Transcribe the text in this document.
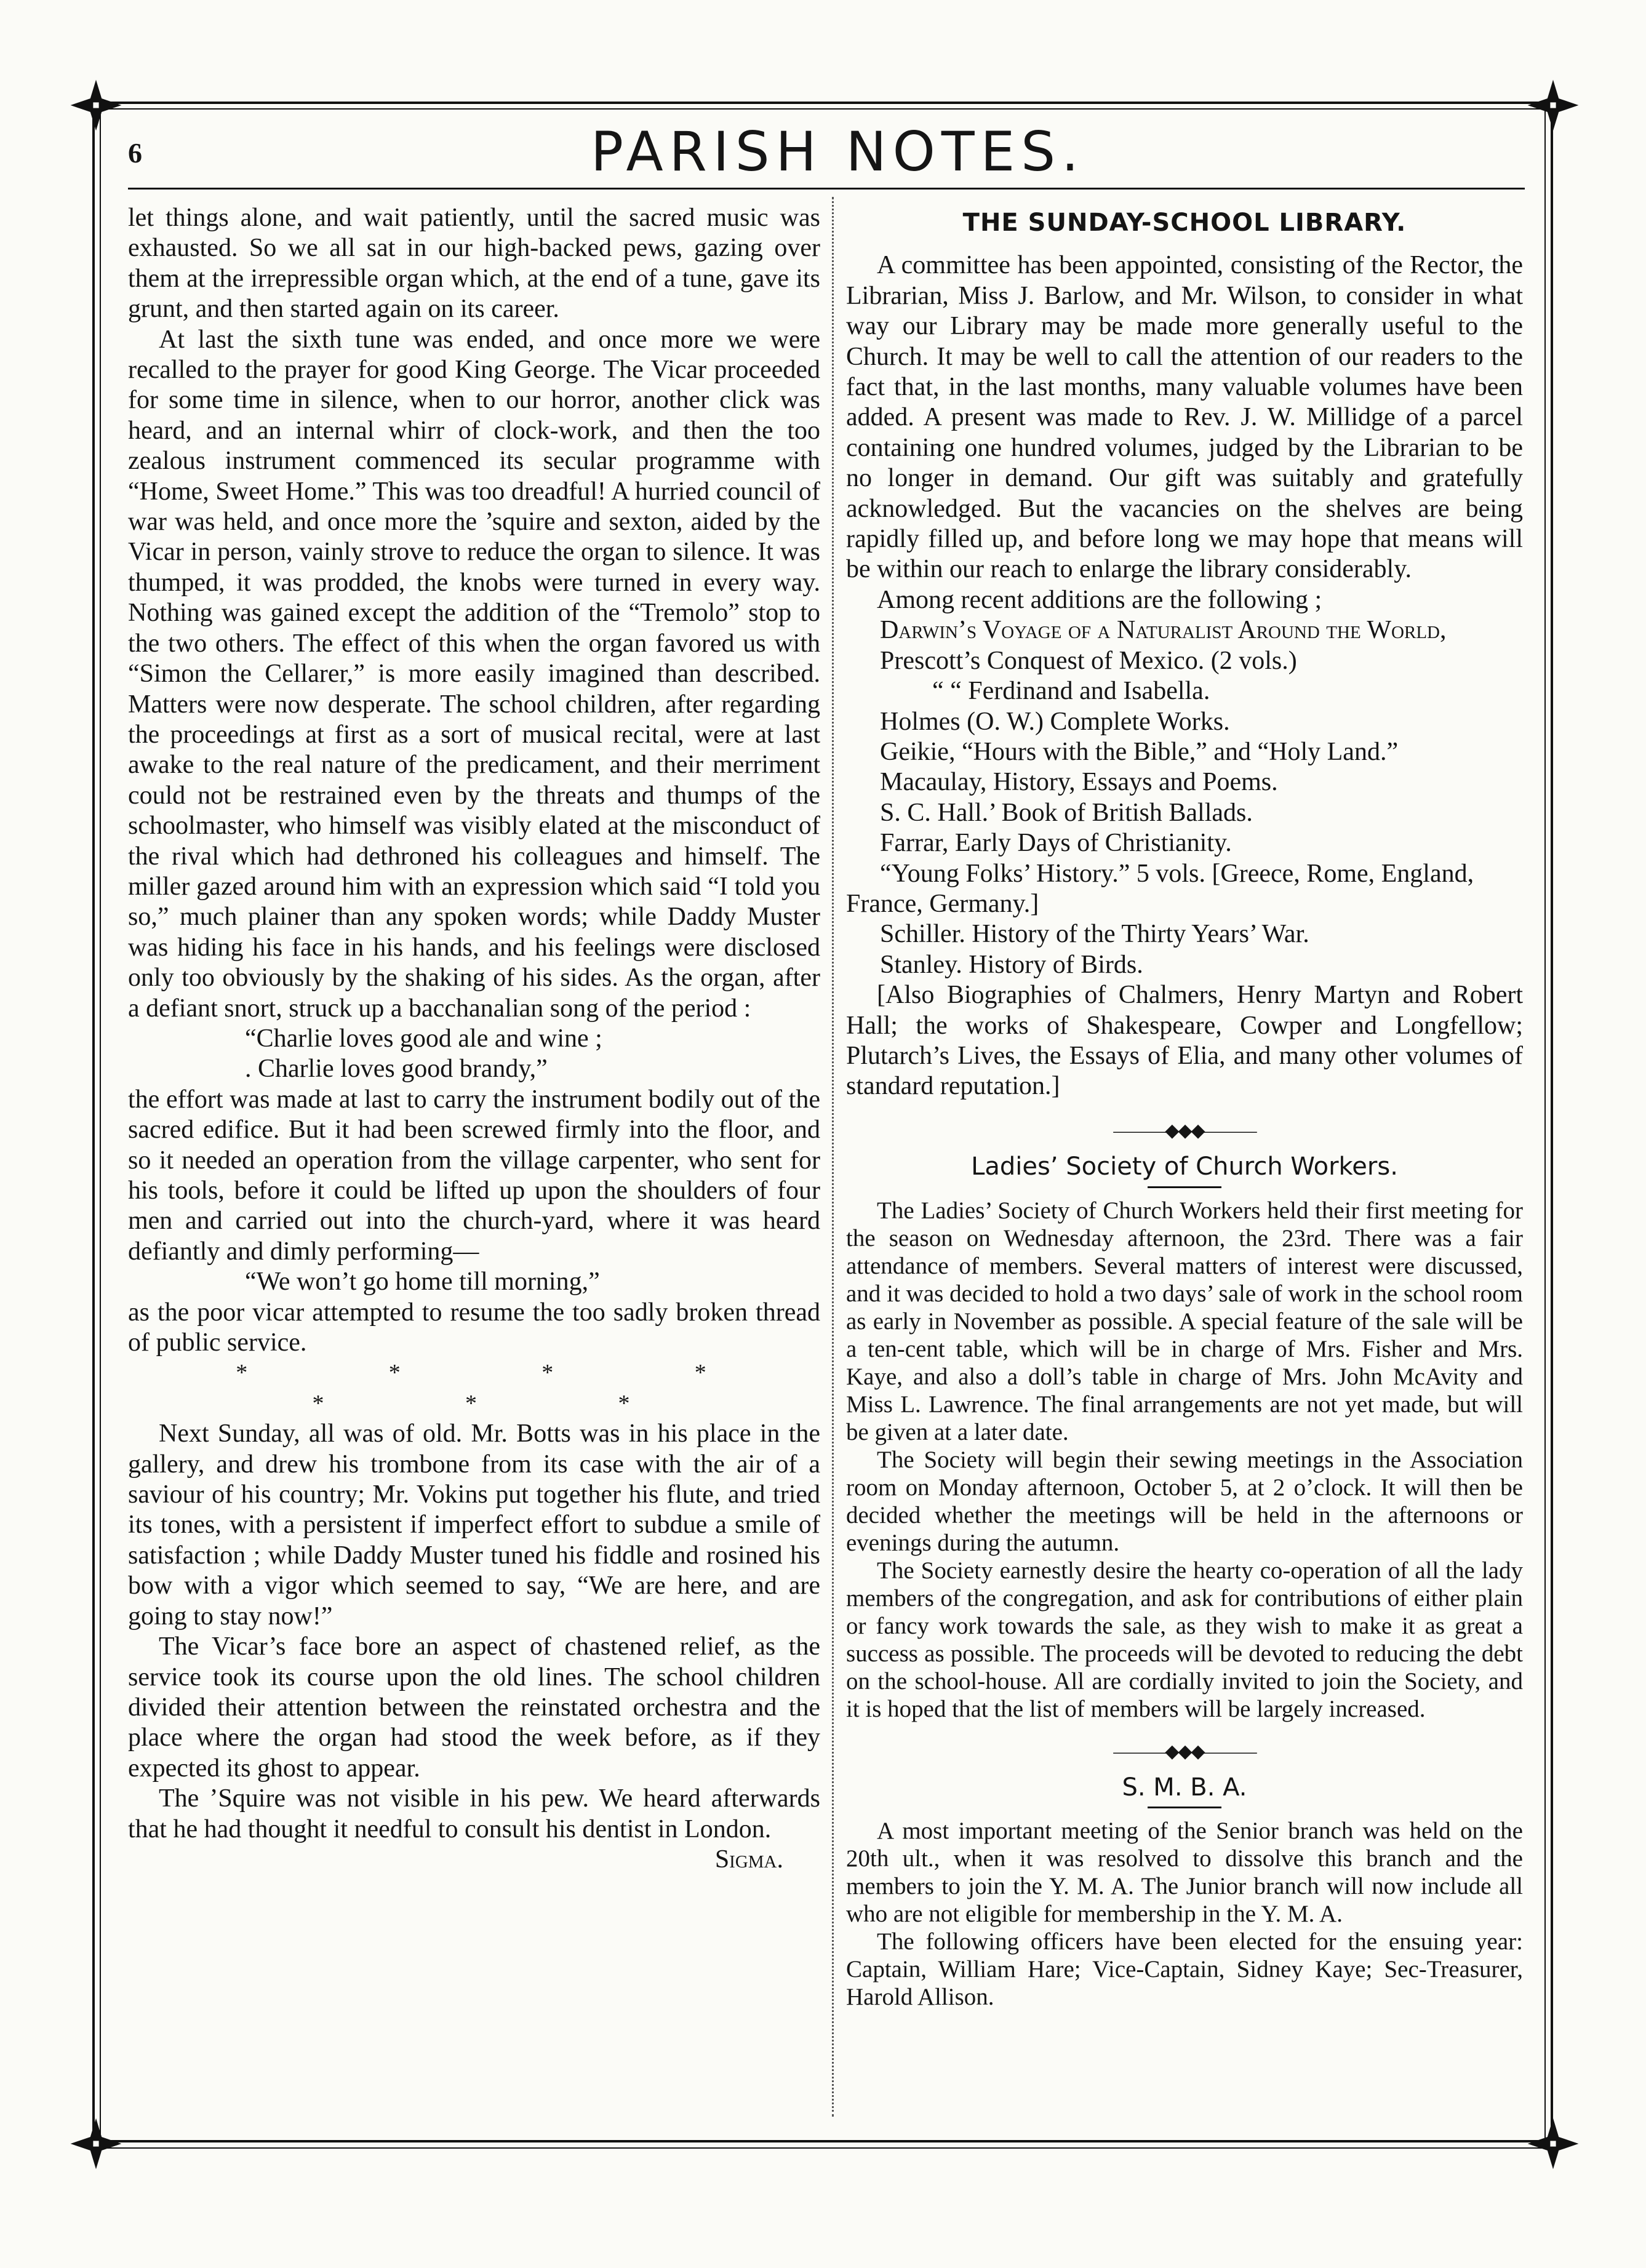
6	PARISH NOTES.

let things alone, and wait patiently, until the sacred music was exhausted. So we all sat in our high-backed pews, gazing over them at the irrepressible organ which, at the end of a tune, gave its grunt, and then started again on its career.

At last the sixth tune was ended, and once more we were recalled to the prayer for good King George. The Vicar proceeded for some time in silence, when to our horror, another click was heard, and an internal whirr of clock-work, and then the too zealous instrument commenced its secular programme with “Home, Sweet Home.” This was too dreadful! A hurried council of war was held, and once more the ’squire and sexton, aided by the Vicar in person, vainly strove to reduce the organ to silence. It was thumped, it was prodded, the knobs were turned in every way. Nothing was gained except the addition of the “Tremolo” stop to the two others. The effect of this when the organ favored us with “Simon the Cellarer,” is more easily imagined than described. Matters were now desperate. The school children, after regarding the proceedings at first as a sort of musical recital, were at last awake to the real nature of the predicament, and their merriment could not be restrained even by the threats and thumps of the schoolmaster, who himself was visibly elated at the misconduct of the rival which had dethroned his colleagues and himself. The miller gazed around him with an expression which said “I told you so,” much plainer than any spoken words; while Daddy Muster was hiding his face in his hands, and his feelings were disclosed only too obviously by the shaking of his sides. As the organ, after a defiant snort, struck up a bacchanalian song of the period :

“Charlie loves good ale and wine ;

. Charlie loves good brandy,”

the effort was made at last to carry the instrument bodily out of the sacred edifice. But it had been screwed firmly into the floor, and so it needed an operation from the village carpenter, who sent for his tools, before it could be lifted up upon the shoulders of four men and carried out into the church-yard, where it was heard defiantly and dimly performing—

“We won’t go home till morning,”

as the poor vicar attempted to resume the too sadly broken thread of public service.

* * * * * * *

Next Sunday, all was of old. Mr. Botts was in his place in the gallery, and drew his trombone from its case with the air of a saviour of his country; Mr. Vokins put together his flute, and tried its tones, with a persistent if imperfect effort to subdue a smile of satisfaction ; while Daddy Muster tuned his fiddle and rosined his bow with a vigor which seemed to say, “We are here, and are going to stay now!”

The Vicar’s face bore an aspect of chastened relief, as the service took its course upon the old lines. The school children divided their attention between the reinstated orchestra and the place where the organ had stood the week before, as if they expected its ghost to appear.

The ’Squire was not visible in his pew. We heard afterwards that he had thought it needful to consult his dentist in London.

Sigma.

THE SUNDAY-SCHOOL LIBRARY.

A committee has been appointed, consisting of the Rector, the Librarian, Miss J. Barlow, and Mr. Wilson, to consider in what way our Library may be made more generally useful to the Church. It may be well to call the attention of our readers to the fact that, in the last months, many valuable volumes have been added. A present was made to Rev. J. W. Millidge of a parcel containing one hundred volumes, judged by the Librarian to be no longer in demand. Our gift was suitably and gratefully acknowledged. But the vacancies on the shelves are being rapidly filled up, and before long we may hope that means will be within our reach to enlarge the library considerably.

Among recent additions are the following ;

Darwin’s Voyage of a Naturalist Around the World,

Prescott’s Conquest of Mexico. (2 vols.)

“ “ Ferdinand and Isabella.

Holmes (O. W.) Complete Works.

Geikie, “Hours with the Bible,” and “Holy Land.”

Macaulay, History, Essays and Poems.

S. C. Hall.’ Book of British Ballads.

Farrar, Early Days of Christianity.

“Young Folks’ History.” 5 vols. [Greece, Rome, England, France, Germany.]

Schiller. History of the Thirty Years’ War.

Stanley. History of Birds.

[Also Biographies of Chalmers, Henry Martyn and Robert Hall; the works of Shakespeare, Cowper and Longfellow; Plutarch’s Lives, the Essays of Elia, and many other volumes of standard reputation.]

———◆◆◆———
Ladies’ Society of Church Workers.

The Ladies’ Society of Church Workers held their first meeting for the season on Wednesday afternoon, the 23rd. There was a fair attendance of members. Several matters of interest were discussed, and it was decided to hold a two days’ sale of work in the school room as early in November as possible. A special feature of the sale will be a ten-cent table, which will be in charge of Mrs. Fisher and Mrs. Kaye, and also a doll’s table in charge of Mrs. John McAvity and Miss L. Lawrence. The final arrangements are not yet made, but will be given at a later date.

The Society will begin their sewing meetings in the Association room on Monday afternoon, October 5, at 2 o’clock. It will then be decided whether the meetings will be held in the afternoons or evenings during the autumn.

The Society earnestly desire the hearty co-operation of all the lady members of the congregation, and ask for contributions of either plain or fancy work towards the sale, as they wish to make it as great a success as possible. The proceeds will be devoted to reducing the debt on the school-house. All are cordially invited to join the Society, and it is hoped that the list of members will be largely increased.

———◆◆◆———
S. M. B. A.

A most important meeting of the Senior branch was held on the 20th ult., when it was resolved to dissolve this branch and the members to join the Y. M. A. The Junior branch will now include all who are not eligible for membership in the Y. M. A.

The following officers have been elected for the ensuing year: Captain, William Hare; Vice-Captain, Sidney Kaye; Sec-Treasurer, Harold Allison.
